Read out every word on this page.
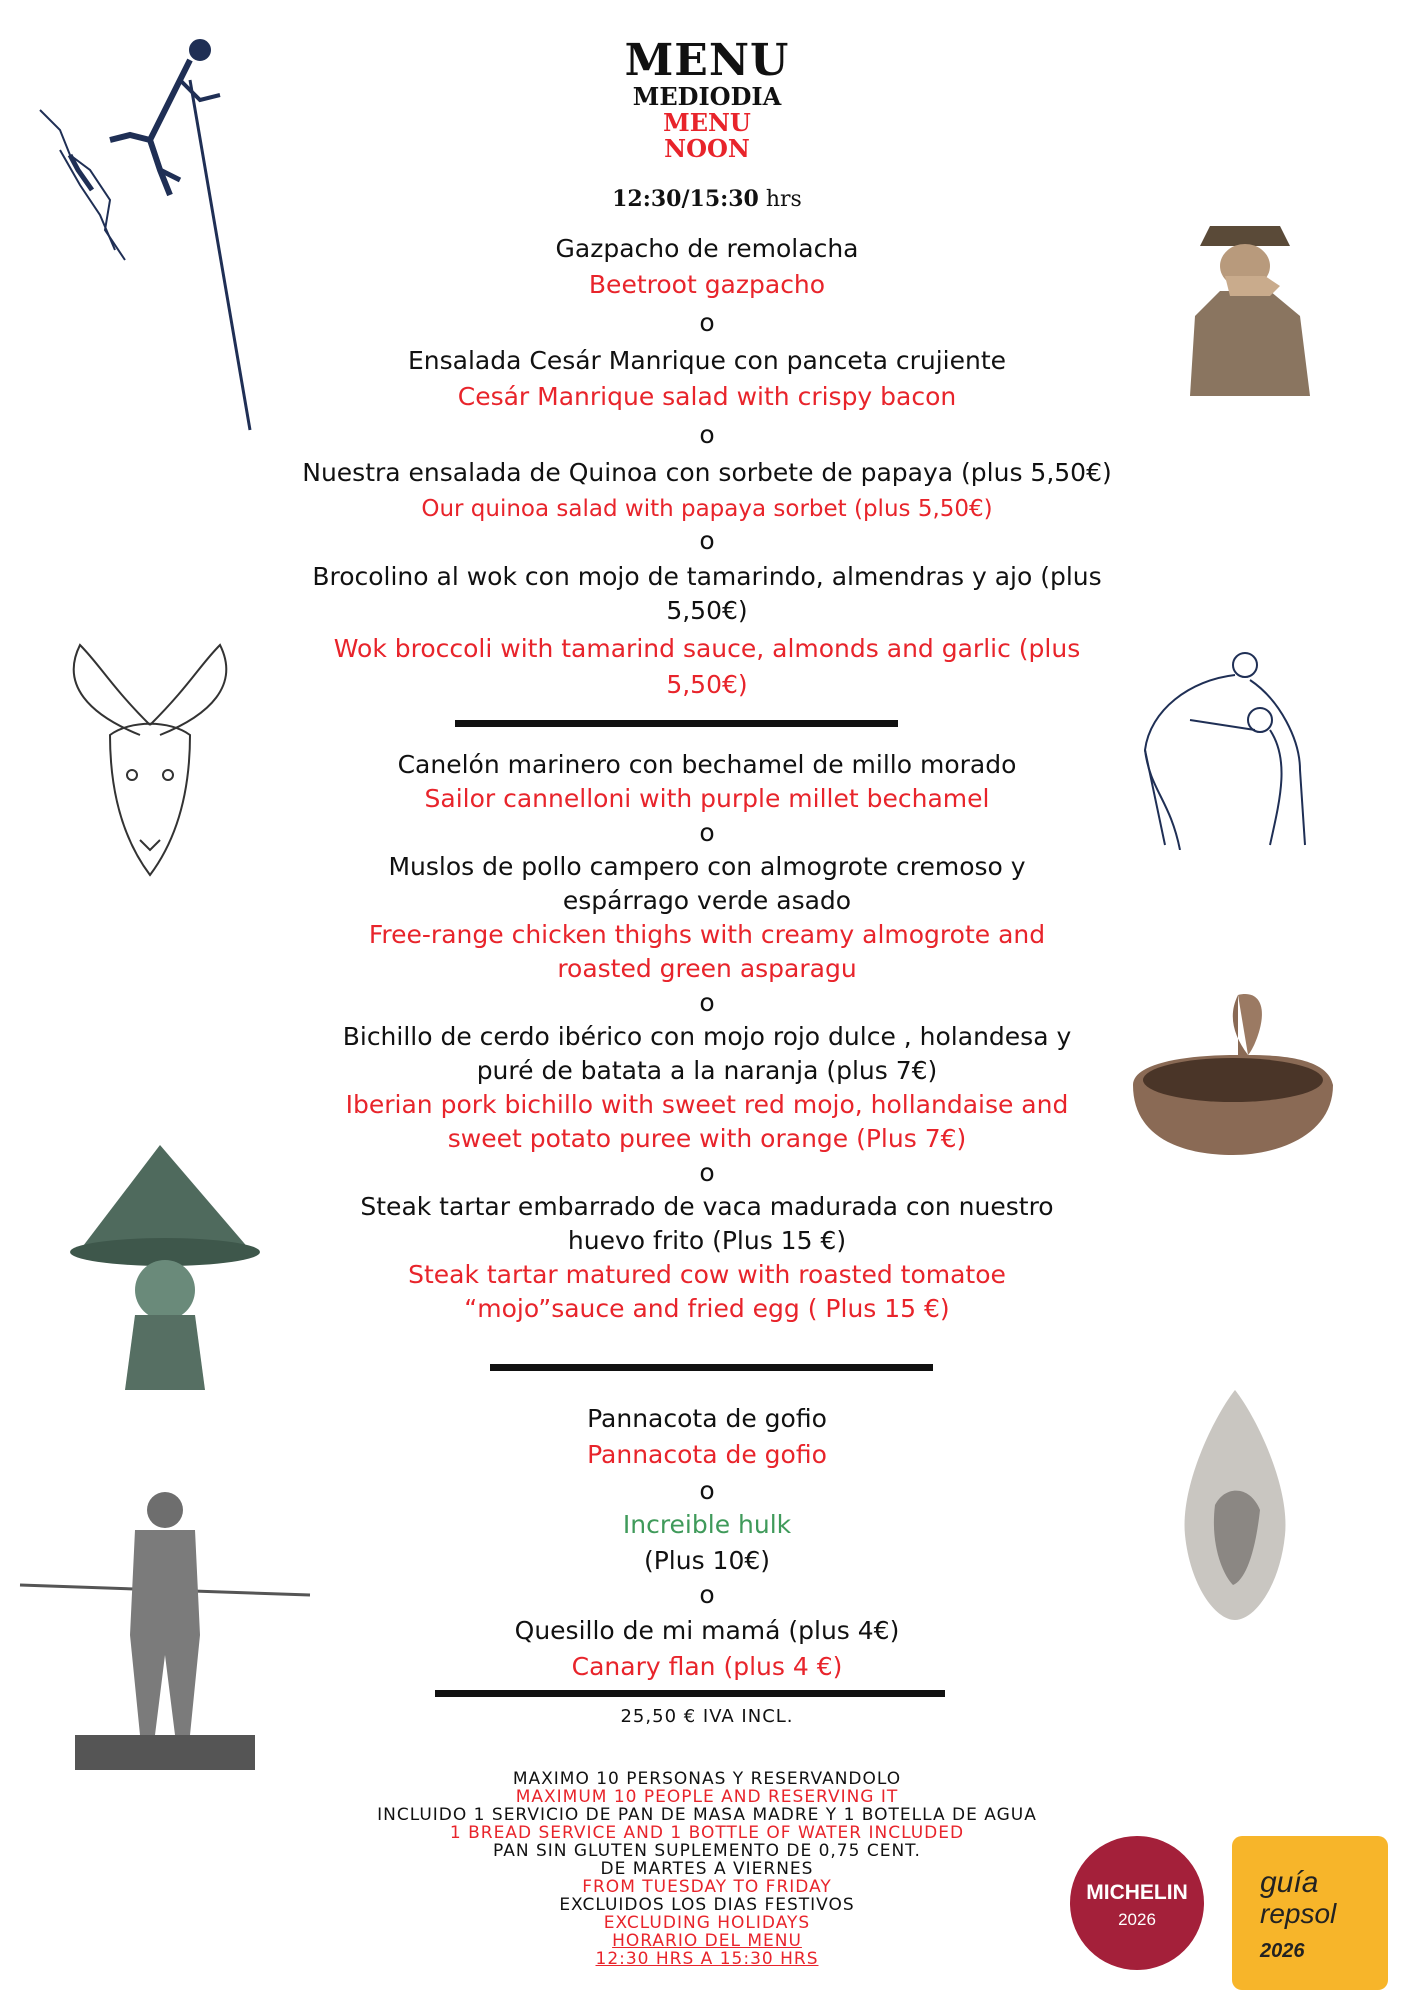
MENU
MEDIODIA
MENU
NOON
12:30/15:30 hrs
Gazpacho de remolacha
Beetroot gazpacho
o
Ensalada Cesár Manrique con panceta crujiente
Cesár Manrique salad with crispy bacon
o
Nuestra ensalada de Quinoa con sorbete de papaya (plus 5,50€)
Our quinoa salad with papaya sorbet (plus 5,50€)
o
Brocolino al wok con mojo de tamarindo, almendras y ajo (plus
5,50€)
Wok broccoli with tamarind sauce, almonds and garlic (plus
5,50€)
Canelón marinero con bechamel de millo morado
Sailor cannelloni with purple millet bechamel
o
Muslos de pollo campero con almogrote cremoso y
espárrago verde asado
Free-range chicken thighs with creamy almogrote and
roasted green asparagu
o
Bichillo de cerdo ibérico con mojo rojo dulce , holandesa y
puré de batata a la naranja (plus 7€)
Iberian pork bichillo with sweet red mojo, hollandaise and
sweet potato puree with orange (Plus 7€)
o
Steak tartar embarrado de vaca madurada con nuestro
huevo frito (Plus 15 €)
Steak tartar matured cow with roasted tomatoe
“mojo”sauce and fried egg ( Plus 15 €)
Pannacota de gofio
Pannacota de gofio
o
Increible hulk
(Plus 10€)
o
Quesillo de mi mamá (plus 4€)
Canary flan (plus 4 €)
25,50 € IVA INCL.
MAXIMO 10 PERSONAS Y RESERVANDOLO
MAXIMUM 10 PEOPLE AND RESERVING IT
INCLUIDO 1 SERVICIO DE PAN DE MASA MADRE Y 1 BOTELLA DE AGUA
1 BREAD SERVICE AND 1 BOTTLE OF WATER INCLUDED
PAN SIN GLUTEN SUPLEMENTO DE 0,75 CENT.
DE MARTES A VIERNES
FROM TUESDAY TO FRIDAY
EXCLUIDOS LOS DIAS FESTIVOS
EXCLUDING HOLIDAYS
HORARIO DEL MENU
12:30 HRS A 15:30 HRS
MICHELIN
2026
guía
repsol
2026
